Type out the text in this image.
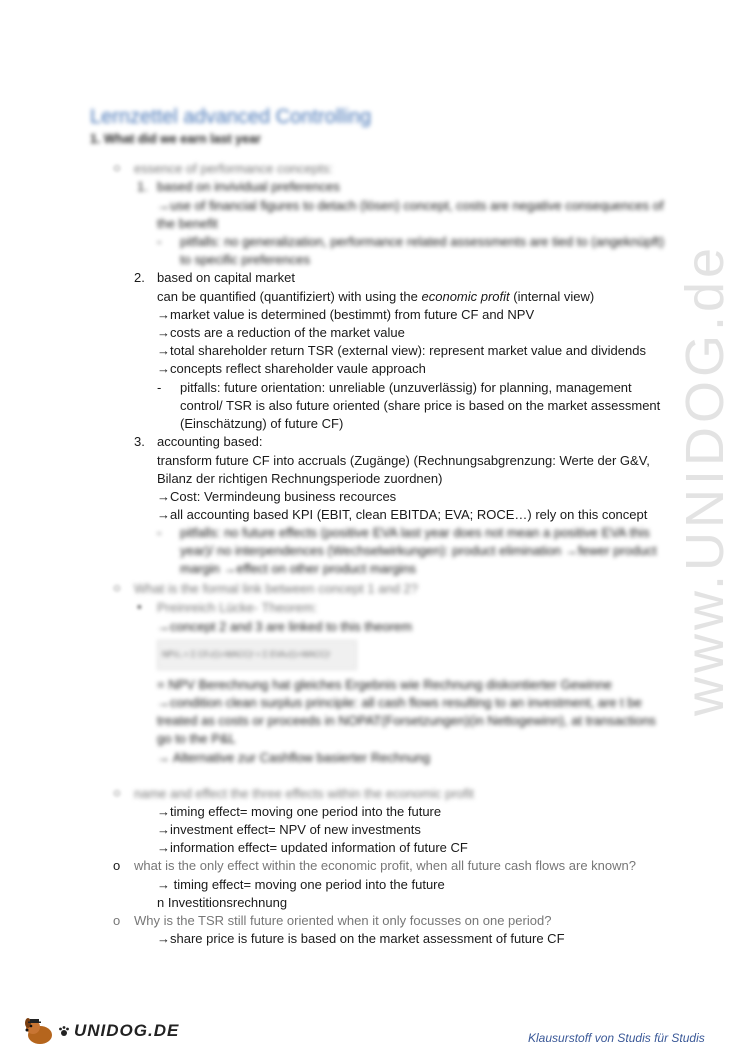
www.UNIDOG.de
Lernzettel advanced Controlling
1. What did we earn last year
○ essence of performance concepts:
1. based on invividual preferences
→use of financial figures to detach (lösen) concept, costs are negative consequences of
the benefit
- pitfalls: no generalization, performance related assessments are tied to (angeknüpft)
to specific preferences
2. based on capital market
can be quantified (quantifiziert) with using the economic profit (internal view)
→market value is determined (bestimmt) from future CF and NPV
→costs are a reduction of the market value
→total shareholder return TSR (external view): represent market value and dividends
→concepts reflect shareholder vaule approach
- pitfalls: future orientation: unreliable (unzuverlässig) for planning, management
control/ TSR is also future oriented (share price is based on the market assessment
(Einschätzung) of future CF)
3. accounting based:
transform future CF into accruals (Zugänge) (Rechnungsabgrenzung: Werte der G&V,
Bilanz der richtigen Rechnungsperiode zuordnen)
→Cost: Vermindeung business recources
→all accounting based KPI (EBIT, clean EBITDA; EVA; ROCE…) rely on this concept
- pitfalls: no future effects (positive EVA last year does not mean a positive EVA this
year)/ no interpendences (Wechselwirkungen): product elimination →fewer product
margin →effect on other product margins
○ What is the formal link between concept 1 and 2?
▪ Preinreich Lücke- Theorem:
→concept 2 and 3 are linked to this theorem
NPV₀ = Σ CFₜ/(1+WACC)ᵗ = Σ EVAₜ/(1+WACC)ᵗ
= NPV Berechnung hat gleiches Ergebnis wie Rechnung diskontierter Gewinne
→condition clean surplus principle: all cash flows resulting to an investment, are t be
treated as costs or proceeds in NOPAT(Forsetzungen)(in Nettogewinn), at transactions
go to the P&L
→ Alternative zur Cashflow basierter Rechnung
○ name and effect the three effects within the economic profit
→timing effect= moving one period into the future
→investment effect= NPV of new investments
→information effect= updated information of future CF
o what is the only effect within the economic profit, when all future cash flows are known?
→ timing effect= moving one period into the future
n Investitionsrechnung
o Why is the TSR still future oriented when it only focusses on one period?
→share price is future is based on the market assessment of future CF
UNIDOG.DE	Klausurstoff von Studis für Studis
